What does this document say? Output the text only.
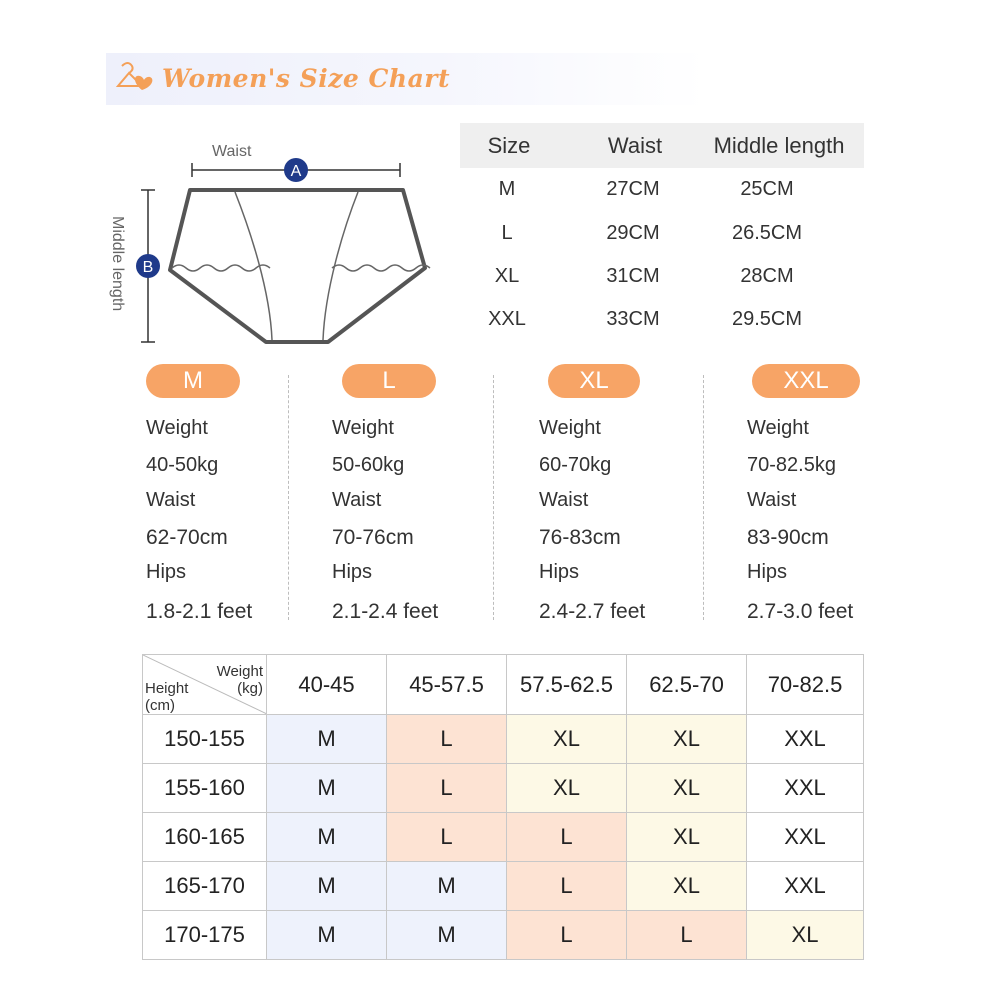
Women's Size Chart
A
B
Waist
Middle length
Size	Waist	Middle length
M	27CM	25CM
L	29CM	26.5CM
XL	31CM	28CM
XXL	33CM	29.5CM
M
Weight
40-50kg
Waist
62-70cm
Hips
1.8-2.1 feet
L
Weight
50-60kg
Waist
70-76cm
Hips
2.1-2.4 feet
XL
Weight
60-70kg
Waist
76-83cm
Hips
2.4-2.7 feet
XXL
Weight
70-82.5kg
Waist
83-90cm
Hips
2.7-3.0 feet
Weight
(kg)
Height
(cm)	40-45	45-57.5	57.5-62.5	62.5-70	70-82.5
150-155	M	L	XL	XL	XXL
155-160	M	L	XL	XL	XXL
160-165	M	L	L	XL	XXL
165-170	M	M	L	XL	XXL
170-175	M	M	L	L	XL
